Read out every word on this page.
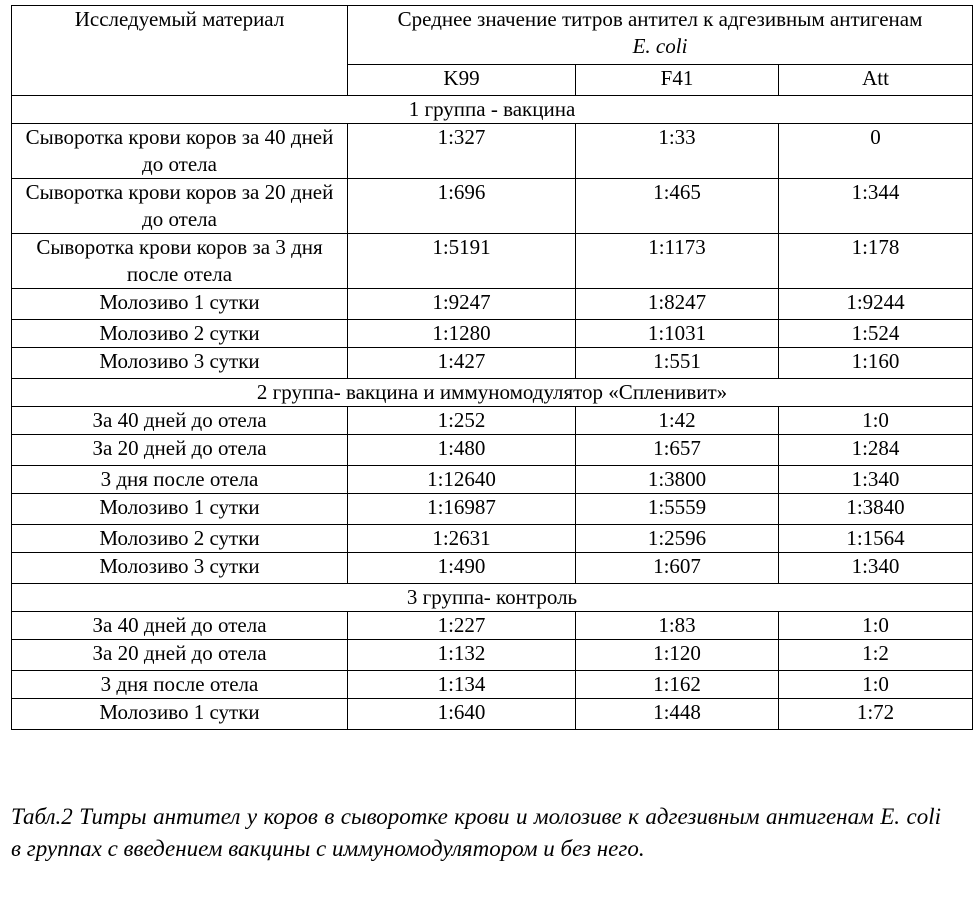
Исследуемый материал	Среднее значение титров антител к адгезивным антигенам
E. coli		
	K99	F41	Att
1 группа - вакцина			
Сыворотка крови коров за 40 дней до отела	1:327	1:33	0
Сыворотка крови коров за 20 дней до отела	1:696	1:465	1:344
Сыворотка крови коров за 3 дня после отела	1:5191	1:1173	1:178
Молозиво 1 сутки	1:9247	1:8247	1:9244
Молозиво 2 сутки	1:1280	1:1031	1:524
Молозиво 3 сутки	1:427	1:551	1:160
2 группа- вакцина и иммуномодулятор «Спленивит»			
За 40 дней до отела	1:252	1:42	1:0
За 20 дней до отела	1:480	1:657	1:284
3 дня после отела	1:12640	1:3800	1:340
Молозиво 1 сутки	1:16987	1:5559	1:3840
Молозиво 2 сутки	1:2631	1:2596	1:1564
Молозиво 3 сутки	1:490	1:607	1:340
3 группа- контроль			
За 40 дней до отела	1:227	1:83	1:0
За 20 дней до отела	1:132	1:120	1:2
3 дня после отела	1:134	1:162	1:0
Молозиво 1 сутки	1:640	1:448	1:72
Табл.2 Титры антител у коров в сыворотке крови и молозиве к адгезивным антигенам E. coli в группах с введением вакцины с иммуномодулятором и без него.
